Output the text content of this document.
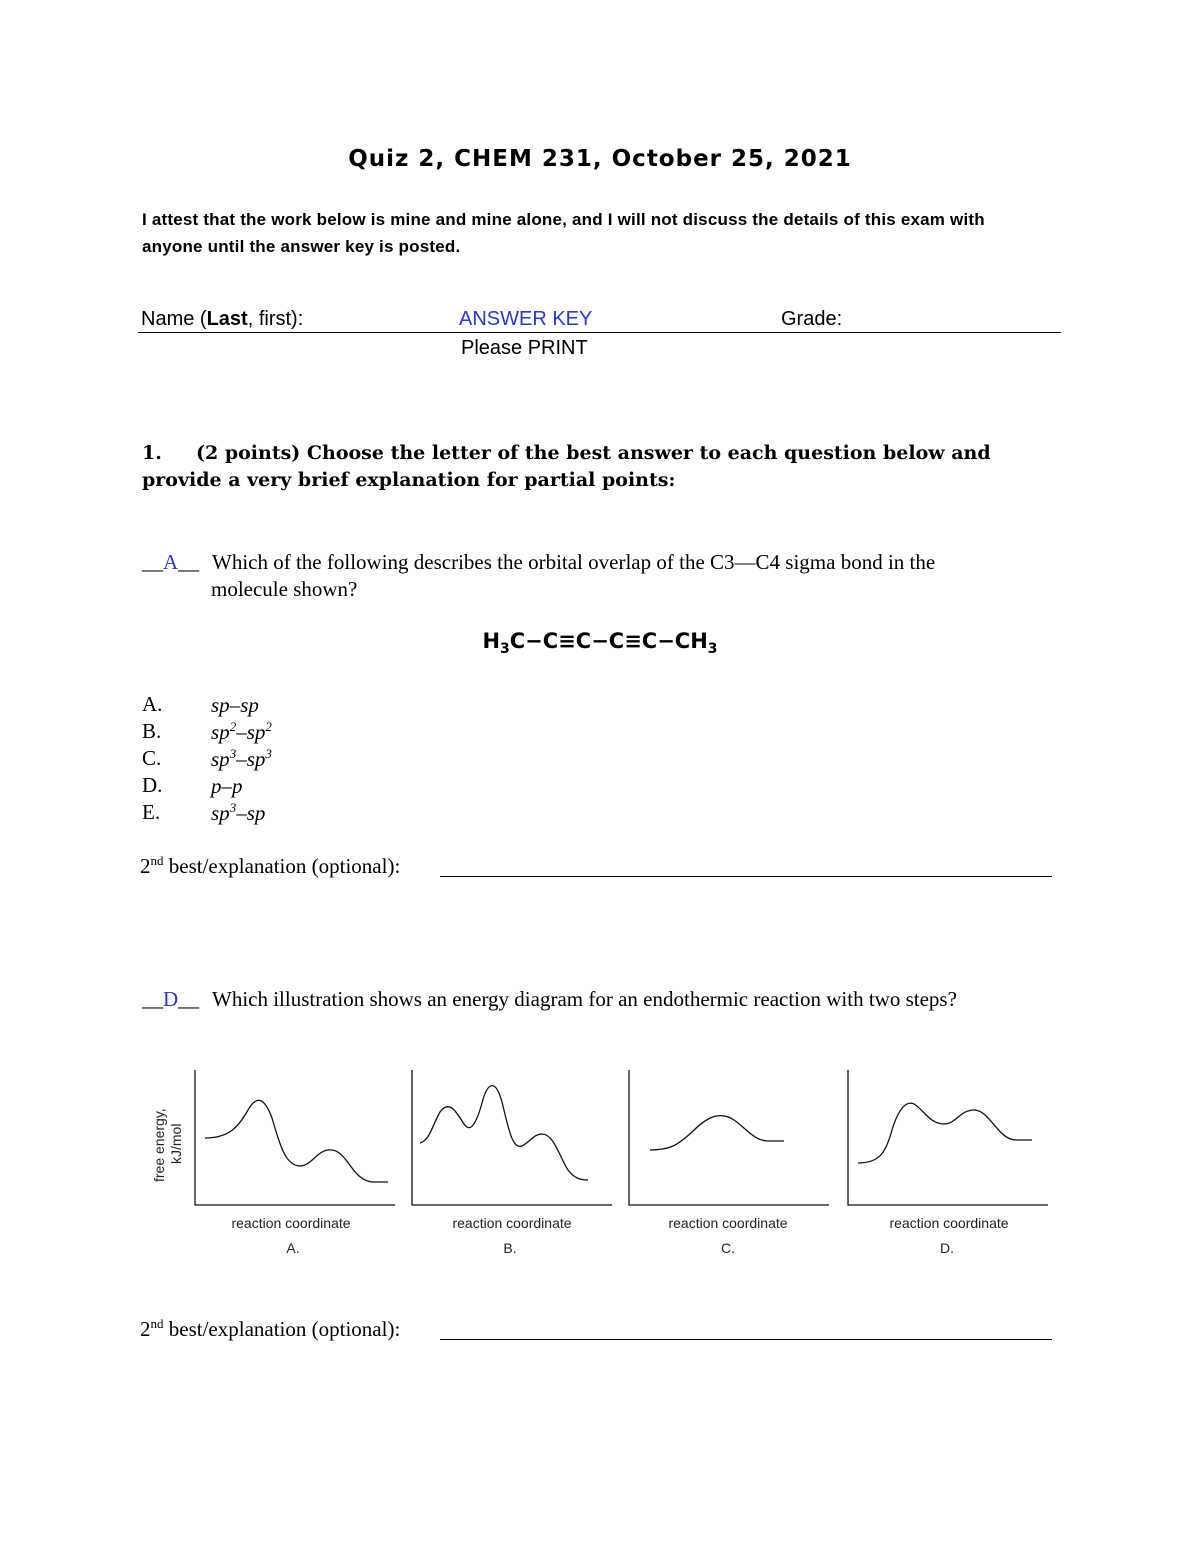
Quiz 2, CHEM 231, October 25, 2021
I attest that the work below is mine and mine alone, and I will not discuss the details of this exam with anyone until the answer key is posted.
Name (Last, first):	ANSWER KEY	Grade:
Please PRINT
1. (2 points) Choose the letter of the best answer to each question below and provide a very brief explanation for partial points:
__A__ Which of the following describes the orbital overlap of the C3—C4 sigma bond in the
molecule shown?
$H_3C-C\equiv C-C\equiv C-CH_3$
A. sp–sp
B. $sp^2-sp^2$
C. $sp^3-sp^3$
D. p–p
E. $sp^3-sp$
2nd best/explanation (optional):
__D__ Which illustration shows an energy diagram for an endothermic reaction with two steps?
free energy, kJ/mol
reaction coordinate
A.
reaction coordinate
B.
reaction coordinate
C.
reaction coordinate
D.
2nd best/explanation (optional):
